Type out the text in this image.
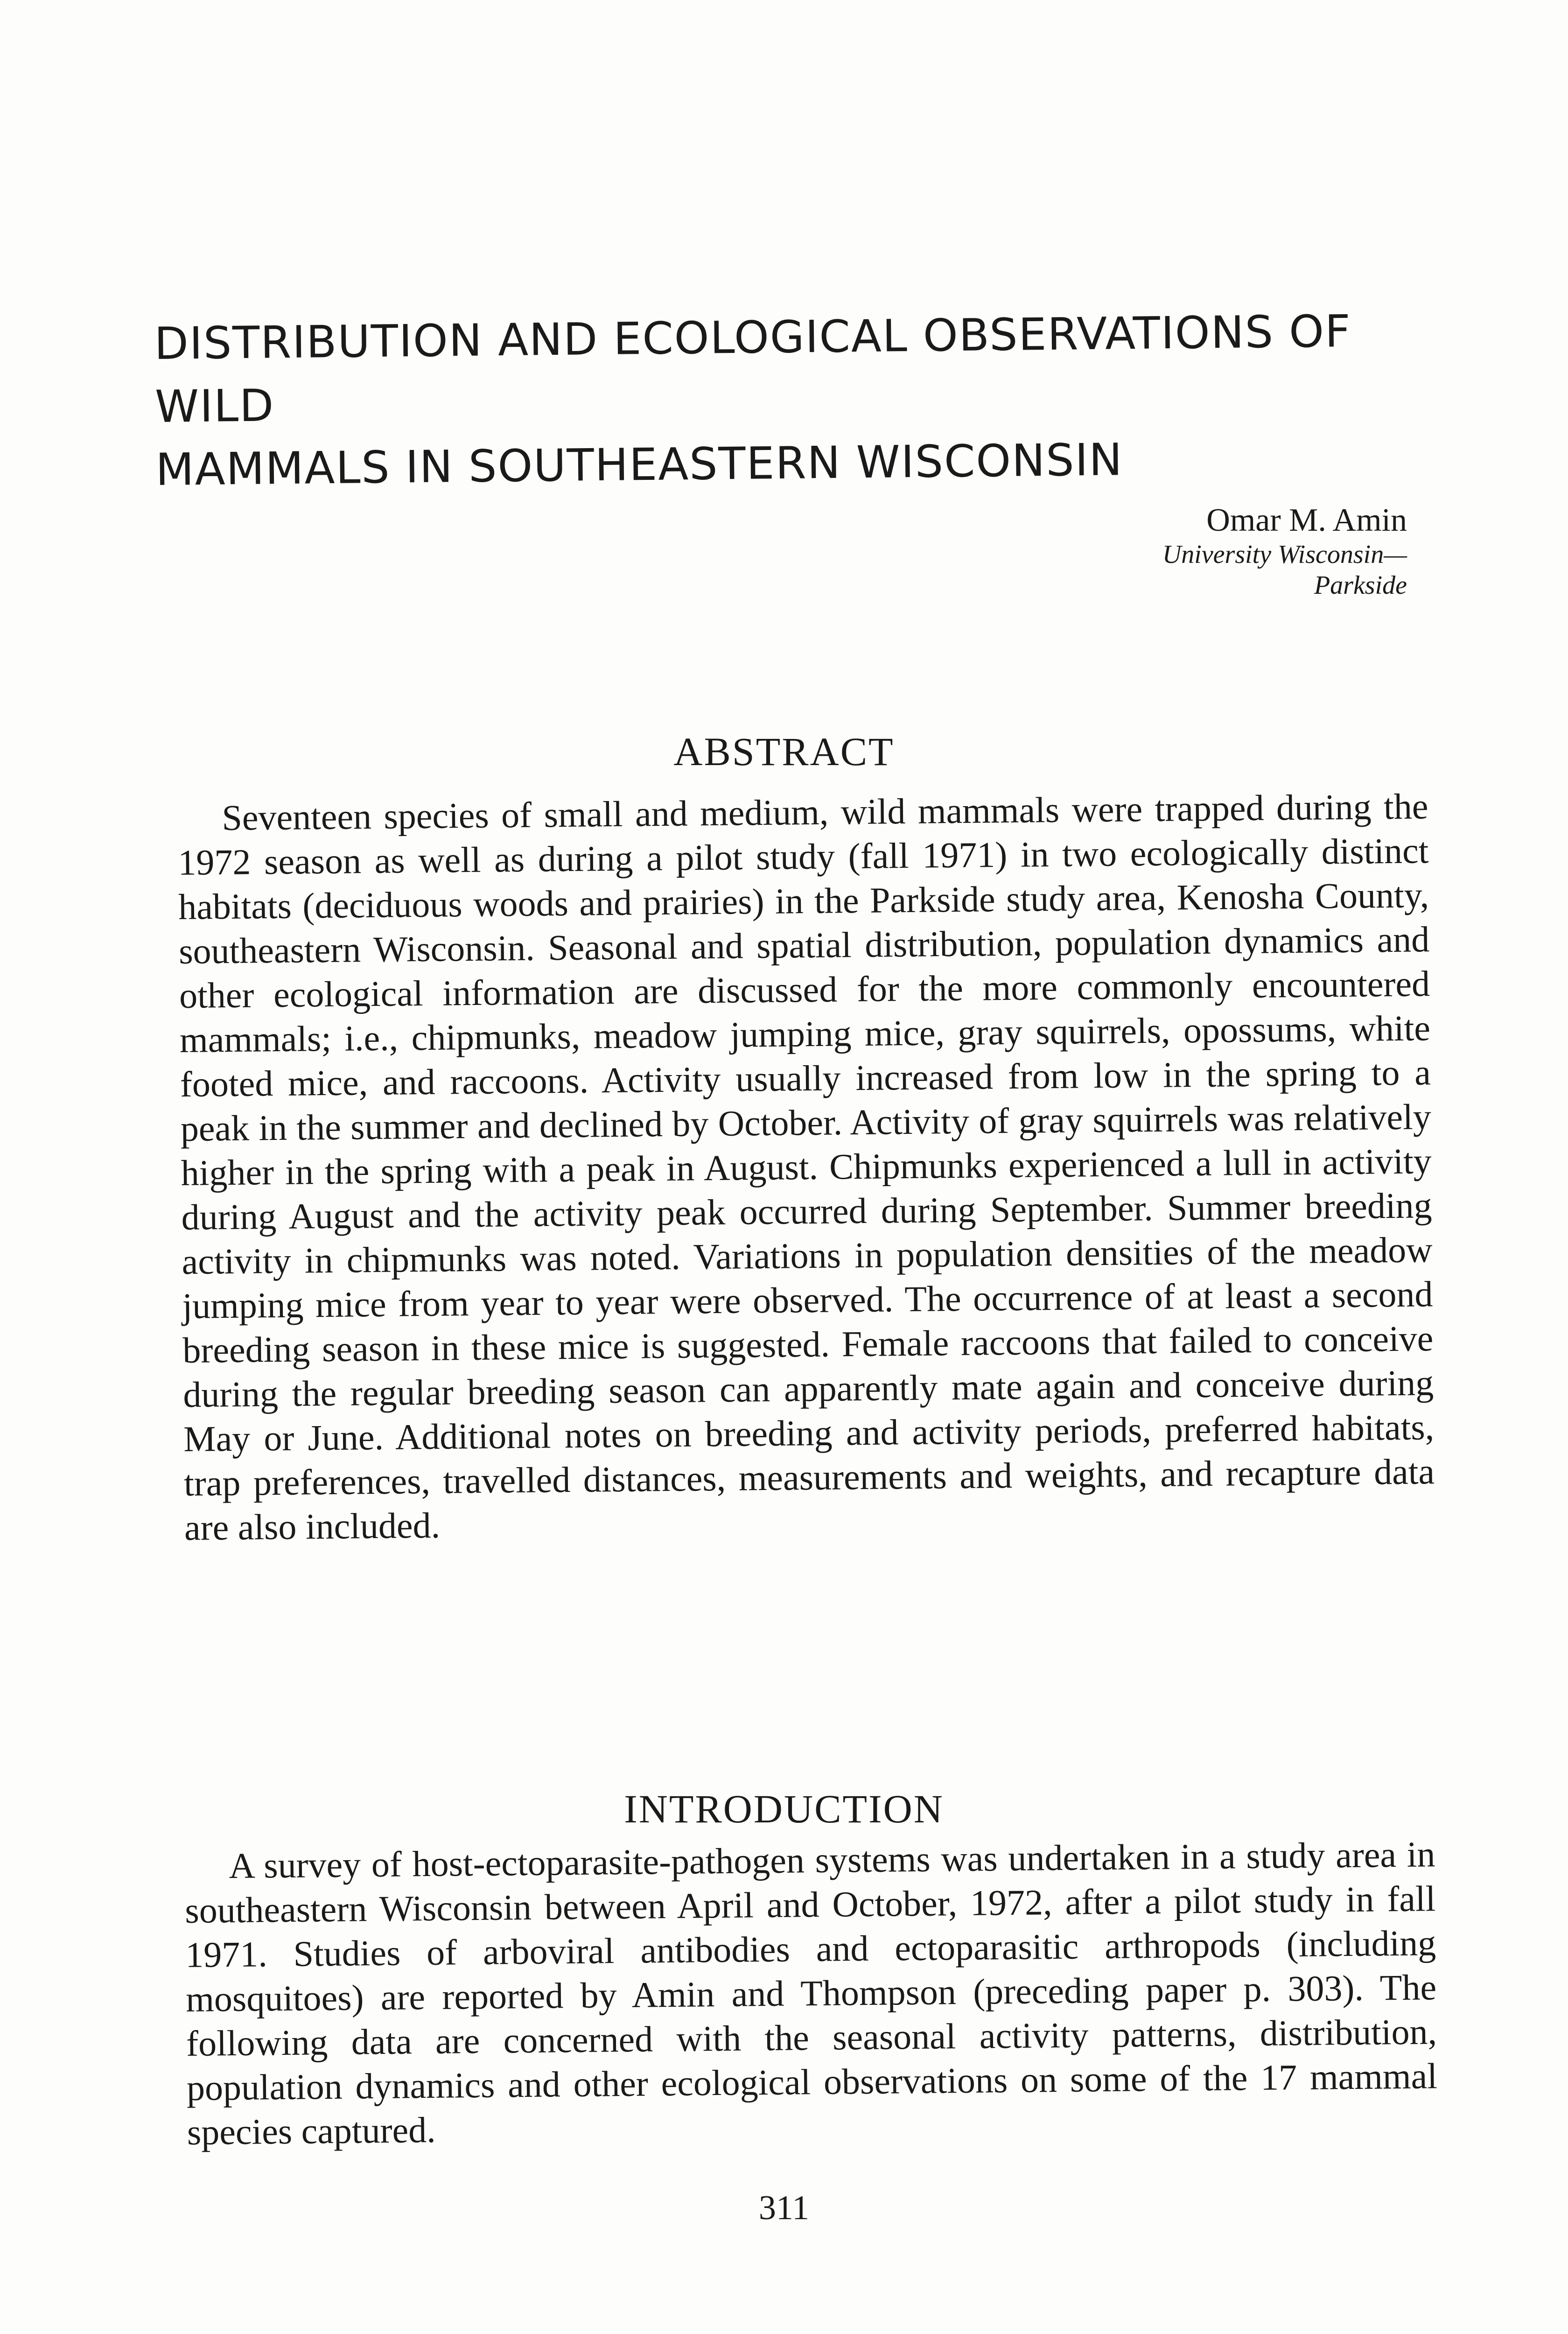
DISTRIBUTION AND ECOLOGICAL OBSERVATIONS OF WILD
MAMMALS IN SOUTHEASTERN WISCONSIN
Omar M. Amin
University Wisconsin—
Parkside
ABSTRACT

Seventeen species of small and medium, wild mammals were trapped during the 1972 season as well as during a pilot study (fall 1971) in two ecologically distinct habitats (deciduous woods and prairies) in the Parkside study area, Kenosha County, southeastern Wisconsin. Seasonal and spatial distribution, population dynamics and other ecological information are discussed for the more commonly encountered mammals; i.e., chipmunks, meadow jumping mice, gray squirrels, opossums, white footed mice, and raccoons. Activity usually increased from low in the spring to a peak in the summer and declined by October. Activity of gray squirrels was relatively higher in the spring with a peak in August. Chipmunks experienced a lull in activity during August and the activity peak occurred during September. Summer breeding activity in chipmunks was noted. Variations in population densities of the meadow jumping mice from year to year were observed. The occurrence of at least a second breeding season in these mice is suggested. Female raccoons that failed to conceive during the regular breeding season can apparently mate again and conceive during May or June. Additional notes on breeding and activity periods, preferred habitats, trap preferences, travelled distances, measurements and weights, and recapture data are also included.

INTRODUCTION

A survey of host-ectoparasite-pathogen systems was undertaken in a study area in southeastern Wisconsin between April and October, 1972, after a pilot study in fall 1971. Studies of arboviral antibodies and ectoparasitic arthropods (including mosquitoes) are reported by Amin and Thompson (preceding paper p. 303). The following data are concerned with the seasonal activity patterns, distribution, population dynamics and other ecological observations on some of the 17 mammal species captured.

311
